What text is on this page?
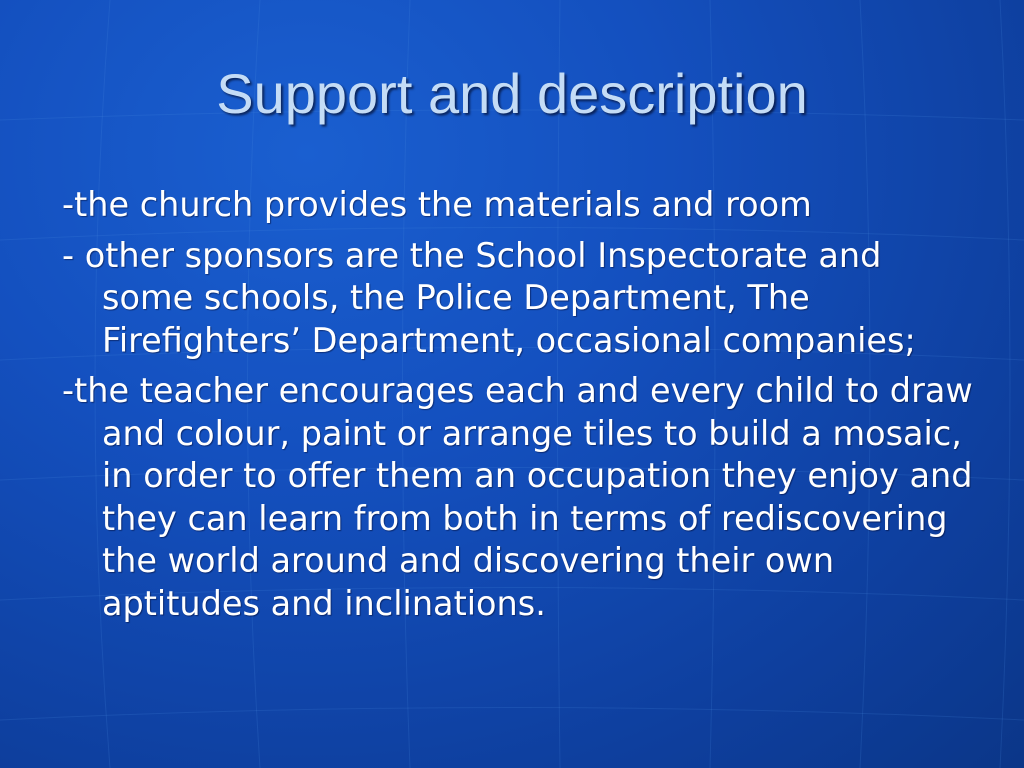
Support and description

-the church provides the materials and room

- other sponsors are the School Inspectorate and some schools, the Police Department, The Firefighters’ Department, occasional companies;

-the teacher encourages each and every child to draw and colour, paint or arrange tiles to build a mosaic, in order to offer them an occupation they enjoy and they can learn from both in terms of rediscovering the world around and discovering their own aptitudes and inclinations.
